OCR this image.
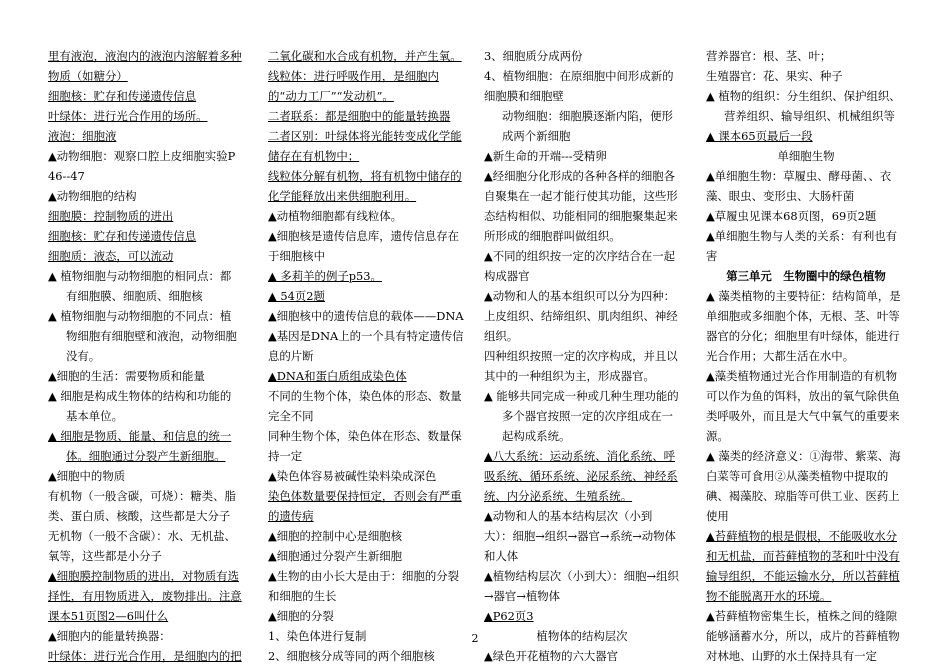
里有液泡，液泡内的液泡内溶解着多种物质（如糖分）

细胞核：贮存和传递遗传信息

叶绿体：进行光合作用的场所。

液泡：细胞液

▲动物细胞：观察口腔上皮细胞实验P46--47

▲动物细胞的结构

细胞膜：控制物质的进出

细胞核：贮存和传递遗传信息

细胞质：液态，可以流动

▲ 植物细胞与动物细胞的相同点：都有细胞膜、细胞质、细胞核

▲ 植物细胞与动物细胞的不同点：植物细胞有细胞壁和液泡，动物细胞没有。

▲细胞的生活：需要物质和能量

▲ 细胞是构成生物体的结构和功能的基本单位。

▲ 细胞是物质、能量、和信息的统一体。细胞通过分裂产生新细胞。

▲细胞中的物质

有机物（一般含碳，可烧）：糖类、脂类、蛋白质、核酸，这些都是大分子

无机物（一般不含碳）：水、无机盐、氧等，这些都是小分子

▲细胞膜控制物质的进出，对物质有选择性，有用物质进入，废物排出。注意课本51页图2—6叫什么

▲细胞内的能量转换器：

叶绿体：进行光合作用，是细胞内的把

二氧化碳和水合成有机物，并产生氧。

线粒体：进行呼吸作用，是细胞内的“动力工厂”“发动机”。

二者联系：都是细胞中的能量转换器

二者区别：叶绿体将光能转变成化学能储存在有机物中；

线粒体分解有机物，将有机物中储存的化学能释放出来供细胞利用。

▲动植物细胞都有线粒体。

▲细胞核是遗传信息库，遗传信息存在于细胞核中

▲ 多莉羊的例子p53。

▲ 54页2题

▲细胞核中的遗传信息的载体——DNA

▲基因是DNA上的一个具有特定遗传信息的片断

▲DNA和蛋白质组成染色体

不同的生物个体，染色体的形态、数量完全不同

同种生物个体，染色体在形态、数量保持一定

▲染色体容易被碱性染料染成深色

染色体数量要保持恒定，否则会有严重的遗传病

▲细胞的控制中心是细胞核

▲细胞通过分裂产生新细胞

▲生物的由小长大是由于：细胞的分裂和细胞的生长

▲细胞的分裂

1、染色体进行复制

2、细胞核分成等同的两个细胞核

3、细胞质分成两份

4、植物细胞：在原细胞中间形成新的细胞膜和细胞壁

动物细胞：细胞膜逐渐内陷，便形成两个新细胞

▲新生命的开端---受精卵

▲经细胞分化形成的各种各样的细胞各自聚集在一起才能行使其功能，这些形态结构相似、功能相同的细胞聚集起来所形成的细胞群叫做组织。

▲不同的组织按一定的次序结合在一起构成器官

▲动物和人的基本组织可以分为四种：上皮组织、结缔组织、肌肉组织、神经组织。

四种组织按照一定的次序构成，并且以其中的一种组织为主，形成器官。

▲ 能够共同完成一种或几种生理功能的多个器官按照一定的次序组成在一起构成系统。

▲八大系统：运动系统、消化系统、呼吸系统、循环系统、泌尿系统、神经系统、内分泌系统、生殖系统。

▲动物和人的基本结构层次（小到大）：细胞→组织→器官→系统→动物体和人体

▲植物结构层次（小到大）：细胞→组织→器官→植物体

▲P62页3

植物体的结构层次

▲绿色开花植物的六大器官

营养器官：根、茎、叶；

生殖器官：花、果实、种子

▲ 植物的组织：分生组织、保护组织、营养组织、输导组织、机械组织等

▲ 课本65页最后一段

单细胞生物

▲单细胞生物：草履虫、酵母菌、、衣藻、眼虫、变形虫、大肠杆菌

▲草履虫见课本68页图，69页2题

▲单细胞生物与人类的关系：有利也有害

第三单元　生物圈中的绿色植物

▲ 藻类植物的主要特征：结构简单，是单细胞或多细胞个体，无根、茎、叶等器官的分化；细胞里有叶绿体，能进行光合作用；大都生活在水中。

▲藻类植物通过光合作用制造的有机物可以作为鱼的饵料，放出的氧气除供鱼类呼吸外，而且是大气中氧气的重要来源。

▲ 藻类的经济意义：①海带、紫菜、海白菜等可食用②从藻类植物中提取的碘、褐藻胶、琼脂等可供工业、医药上使用

▲苔藓植物的根是假根，不能吸收水分和无机盐，而苔藓植物的茎和叶中没有输导组织，不能运输水分，所以苔藓植物不能脱离开水的环境。

▲苔藓植物密集生长，植株之间的缝隙能够涵蓄水分，所以，成片的苔藓植物对林地、山野的水土保持具有一定

2
